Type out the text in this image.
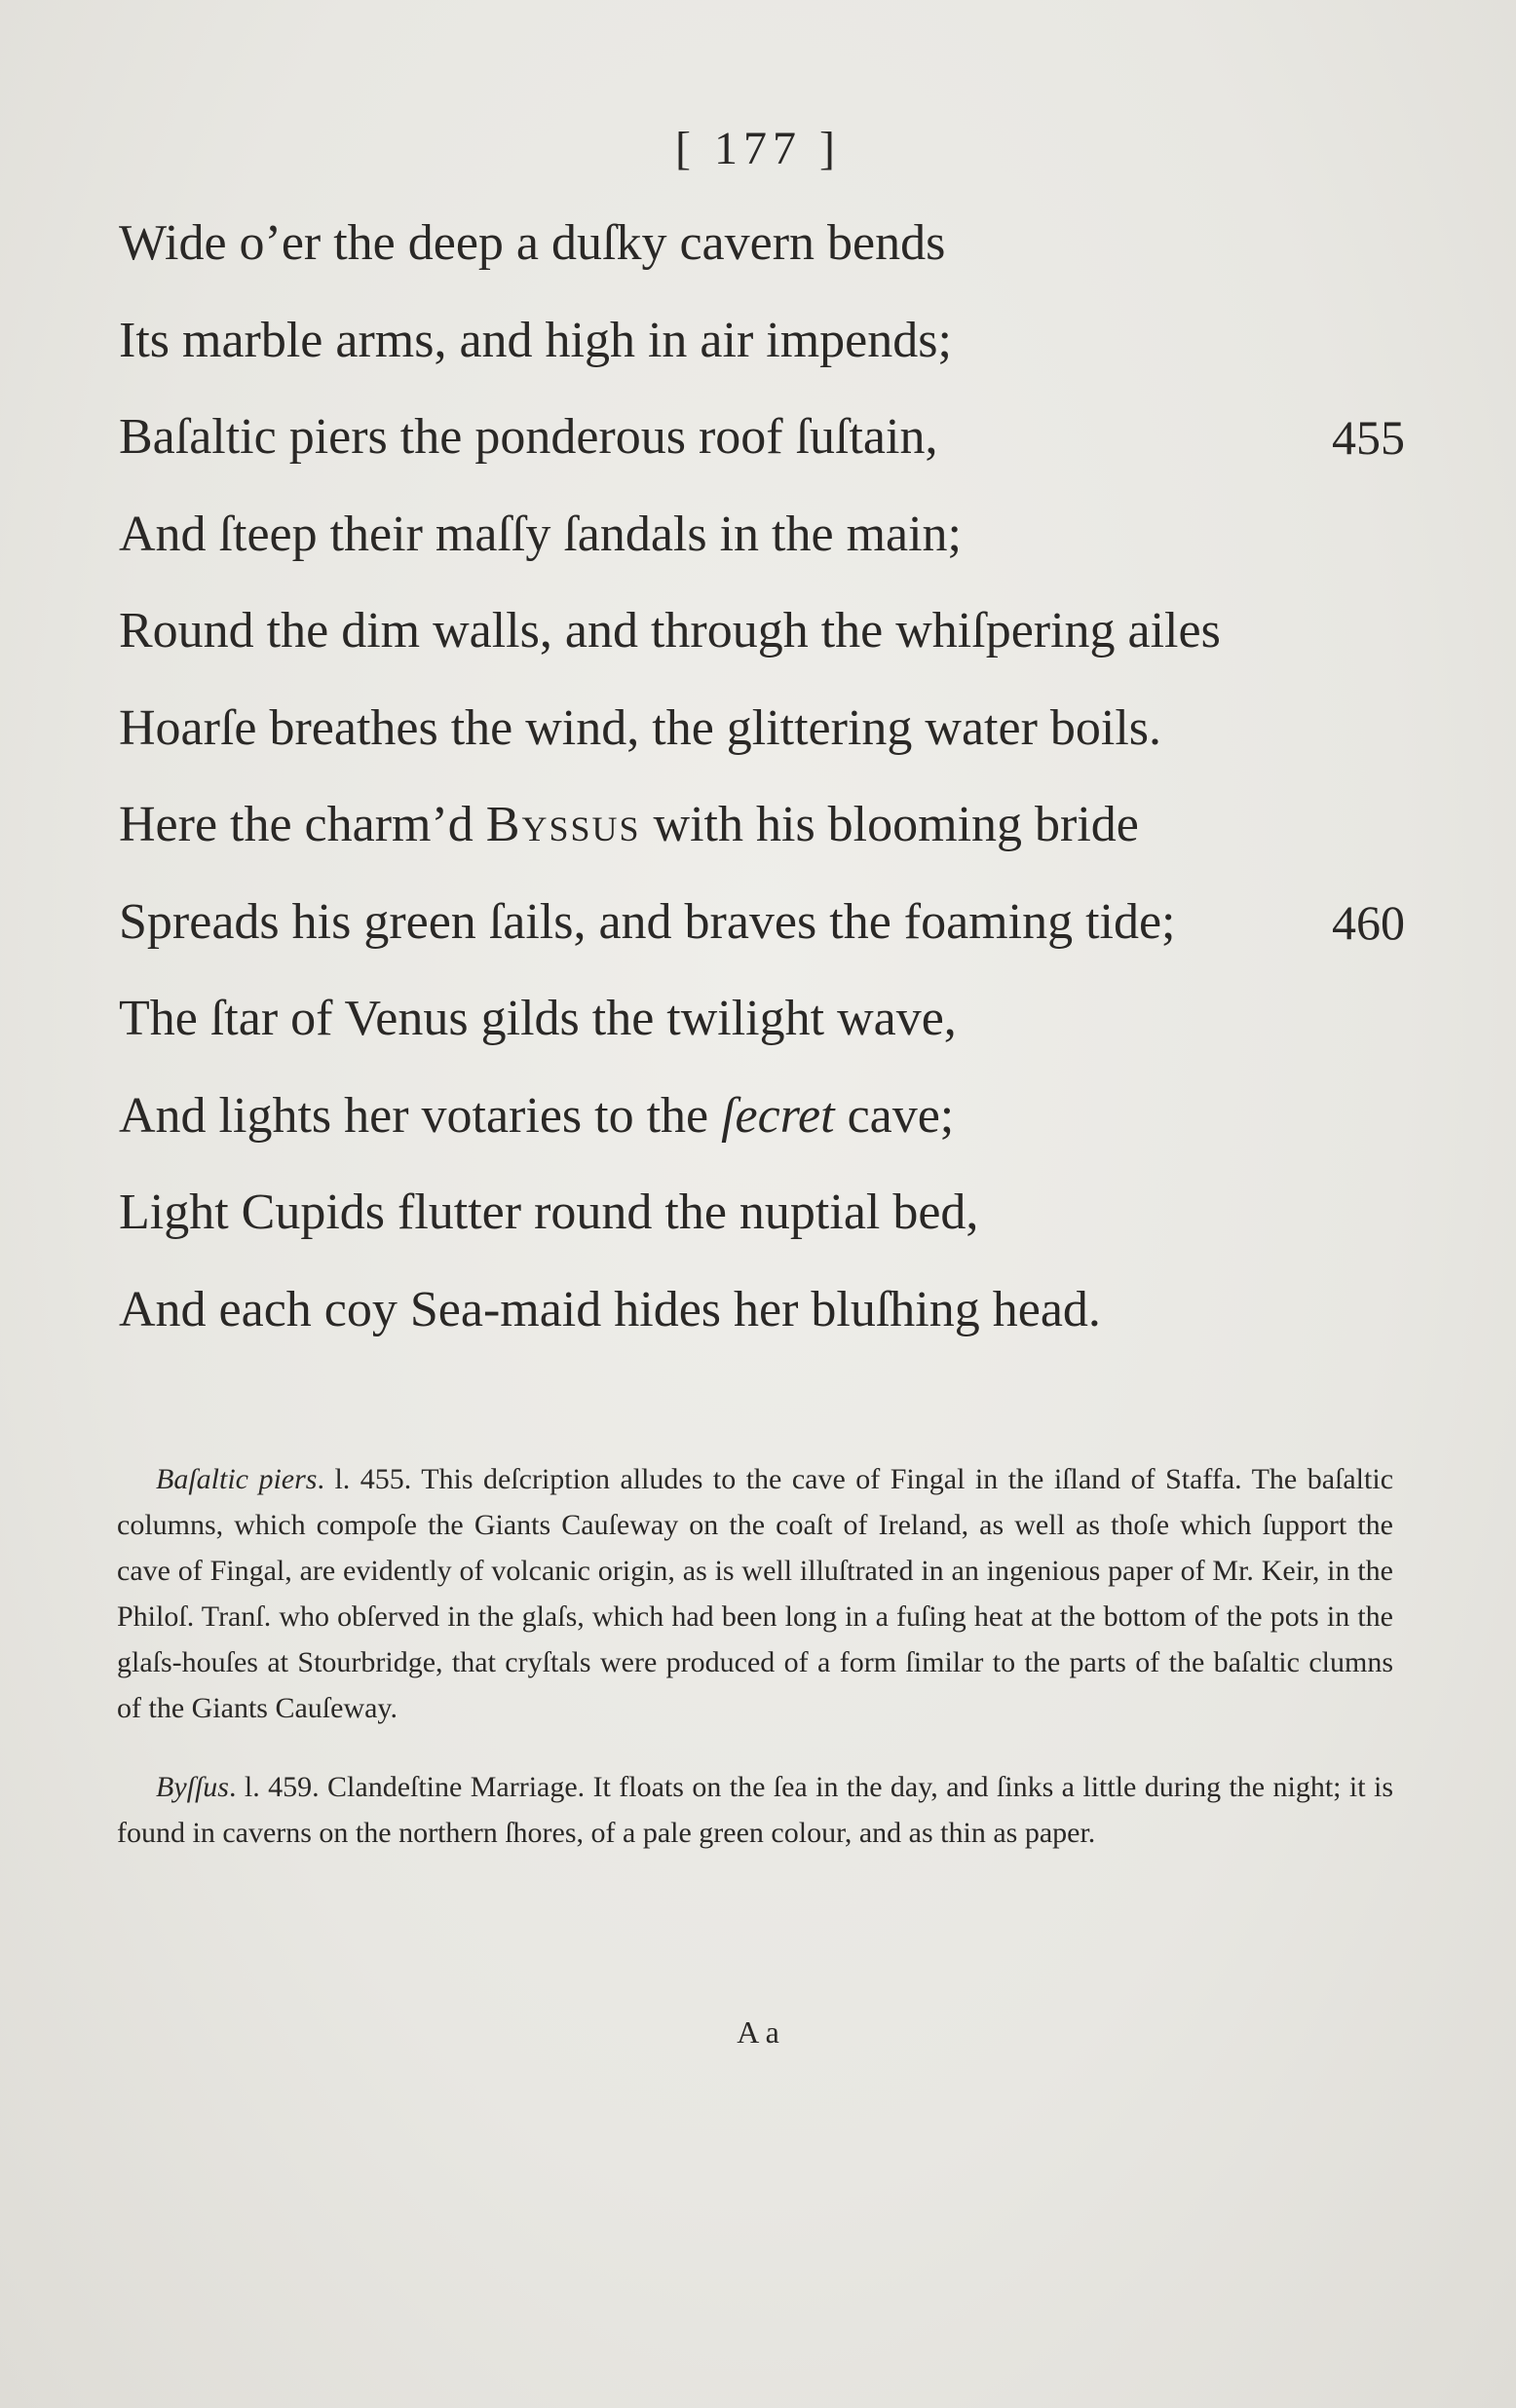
[ 177 ]
Wide o’er the deep a duſky cavern bends
Its marble arms, and high in air impends;
Baſaltic piers the ponderous roof ſuſtain,	455
And ſteep their maſſy ſandals in the main;
Round the dim walls, and through the whiſpering ailes
Hoarſe breathes the wind, the glittering water boils.
Here the charm’d Byssus with his blooming bride
Spreads his green ſails, and braves the foaming tide;	460
The ſtar of Venus gilds the twilight wave,
And lights her votaries to the ſecret cave;
Light Cupids flutter round the nuptial bed,
And each coy Sea-maid hides her bluſhing head.

Baſaltic piers. l. 455. This deſcription alludes to the cave of Fingal in the iſland of Staffa. The baſaltic columns, which compoſe the Giants Cauſeway on the coaſt of Ireland, as well as thoſe which ſupport the cave of Fingal, are evidently of volcanic origin, as is well illuſtrated in an ingenious paper of Mr. Keir, in the Philoſ. Tranſ. who obſerved in the glaſs, which had been long in a fuſing heat at the bottom of the pots in the glaſs-houſes at Stourbridge, that cryſtals were produced of a form ſimilar to the parts of the baſaltic clumns of the Giants Cauſeway.

Byſſus. l. 459. Clandeſtine Marriage. It floats on the ſea in the day, and ſinks a little during the night; it is found in caverns on the northern ſhores, of a pale green colour, and as thin as paper.

A a
